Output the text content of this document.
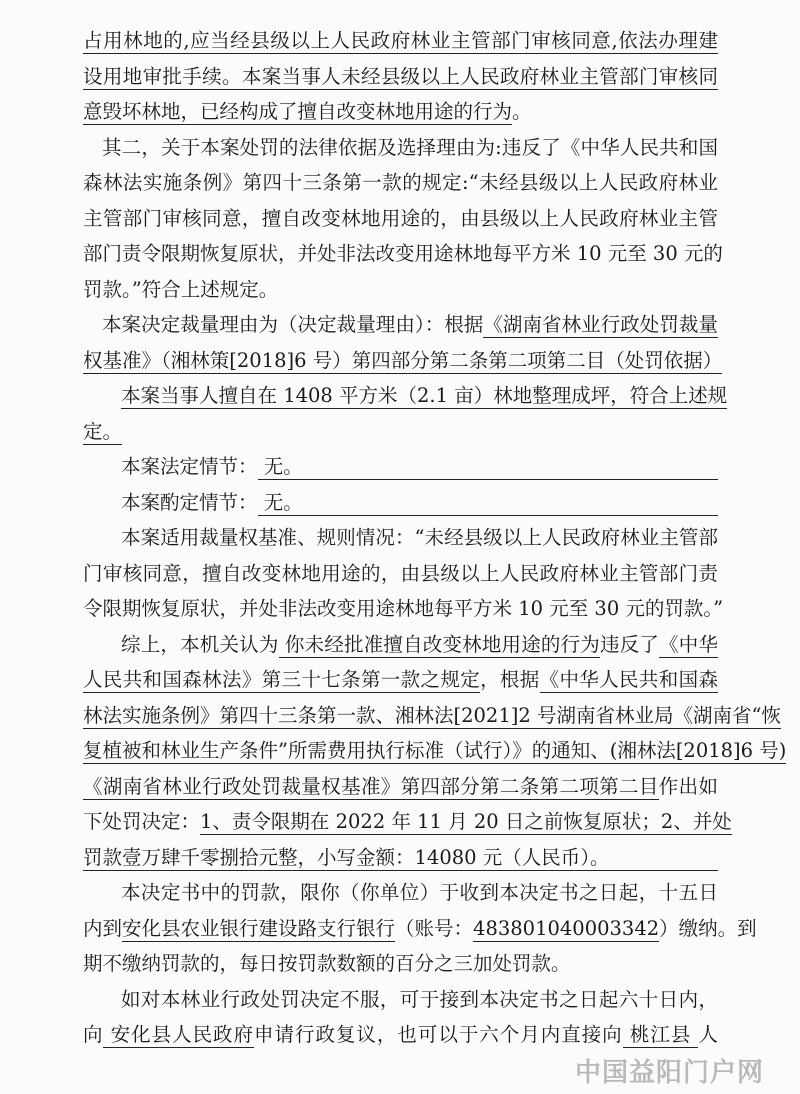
占用林地的,应当经县级以上人民政府林业主管部门审核同意,依法办理建
设用地审批手续。本案当事人未经县级以上人民政府林业主管部门审核同
意毁坏林地，已经构成了擅自改变林地用途的行为。
其二，关于本案处罚的法律依据及选择理由为:违反了《中华人民共和国
森林法实施条例》第四十三条第一款的规定:“未经县级以上人民政府林业
主管部门审核同意，擅自改变林地用途的，由县级以上人民政府林业主管
部门责令限期恢复原状，并处非法改变用途林地每平方米 10 元至 30 元的
罚款。”符合上述规定。
本案决定裁量理由为（决定裁量理由）：根据《湖南省林业行政处罚裁量
权基准》（湘林策[2018]6 号）第四部分第二条第二项第二目（处罚依据）
本案当事人擅自在 1408 平方米（2.1 亩）林地整理成坪，符合上述规
定。
本案法定情节： 无。
本案酌定情节： 无。
本案适用裁量权基准、规则情况：“未经县级以上人民政府林业主管部
门审核同意，擅自改变林地用途的，由县级以上人民政府林业主管部门责
令限期恢复原状，并处非法改变用途林地每平方米 10 元至 30 元的罚款。”
综上，本机关认为 你未经批准擅自改变林地用途的行为违反了《中华
人民共和国森林法》第三十七条第一款之规定，根据《中华人民共和国森
林法实施条例》第四十三条第一款、湘林法[2021]2 号湖南省林业局《湖南省“恢
复植被和林业生产条件”所需费用执行标准（试行）》的通知、(湘林法[2018]6 号)
《湖南省林业行政处罚裁量权基准》第四部分第二条第二项第二目作出如
下处罚决定：1、责令限期在 2022 年 11 月 20 日之前恢复原状；2、并处
罚款壹万肆千零捌拾元整，小写金额：14080 元（人民币）。
本决定书中的罚款，限你（你单位）于收到本决定书之日起，十五日
内到安化县农业银行建设路支行银行（账号：483801040003342）缴纳。到
期不缴纳罚款的，每日按罚款数额的百分之三加处罚款。
如对本林业行政处罚决定不服，可于接到本决定书之日起六十日内，
向 安化县人民政府申请行政复议，也可以于六个月内直接向 桃江县 人
中国益阳门户网
